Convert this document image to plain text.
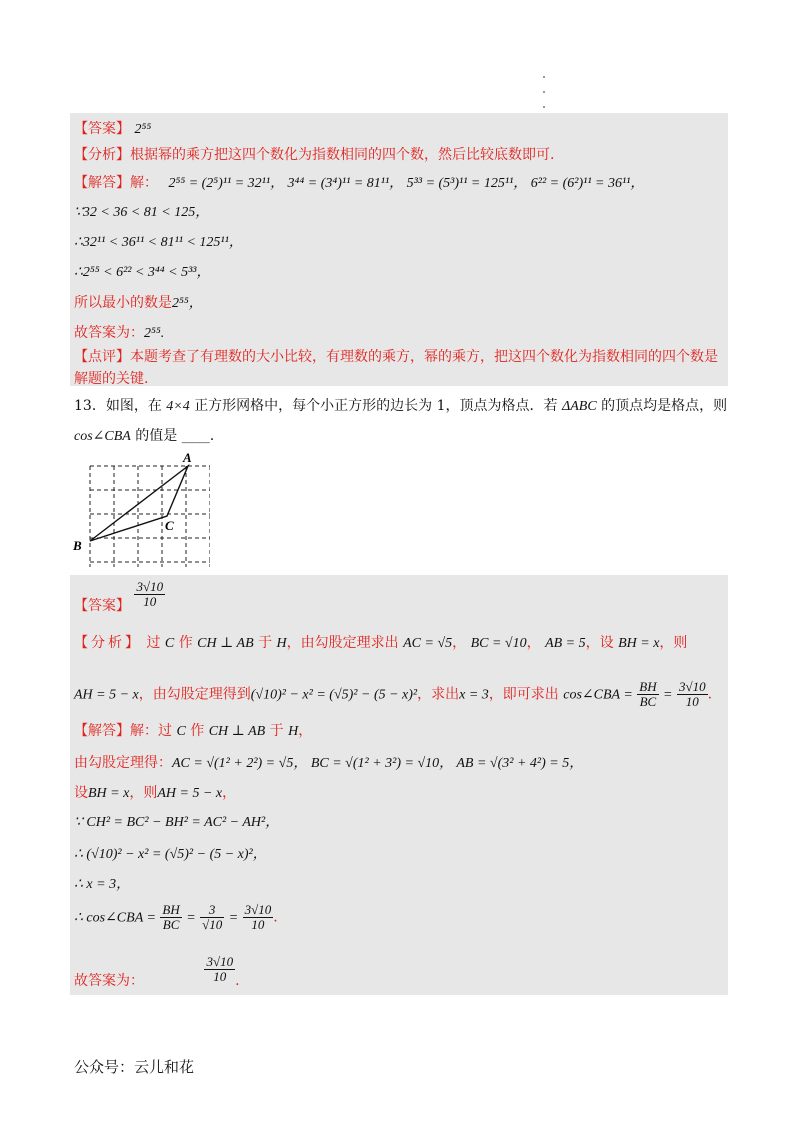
【答案】 2⁵⁵
【分析】根据幂的乘方把这四个数化为指数相同的四个数，然后比较底数即可.
【解答】解： 2⁵⁵ = (2⁵)¹¹ = 32¹¹， 3⁴⁴ = (3⁴)¹¹ = 81¹¹， 5³³ = (5³)¹¹ = 125¹¹， 6²² = (6²)¹¹ = 36¹¹，
∵32 < 36 < 81 < 125，
∴32¹¹ < 36¹¹ < 81¹¹ < 125¹¹，
∴2⁵⁵ < 6²² < 3⁴⁴ < 5³³，
所以最小的数是2⁵⁵，
故答案为：2⁵⁵.
【点评】本题考查了有理数的大小比较，有理数的乘方，幂的乘方，把这四个数化为指数相同的四个数是
解题的关键.
13．如图，在 4×4 正方形网格中，每个小正方形的边长为 1，顶点为格点．若 ΔABC 的顶点均是格点，则
cos∠CBA 的值是 ____.
A
B
C
【答案】 $\frac{3√10}{10}$
【分析】 过 C 作 CH ⊥ AB 于 H，由勾股定理求出 AC = √5， BC = √10， AB = 5，设 BH = x，则
AH = 5 − x，由勾股定理得到(√10)² − x² = (√5)² − (5 − x)²，求出x = 3，即可求出 cos∠CBA = $\frac{BH}{BC} = \frac{3√10}{10}$ .
【解答】解：过 C 作 CH ⊥ AB 于 H，
由勾股定理得：AC = √(1² + 2²) = √5， BC = √(1² + 3²) = √10， AB = √(3² + 4²) = 5，
设BH = x，则AH = 5 − x，
∵ CH² = BC² − BH² = AC² − AH²，
∴ (√10)² − x² = (√5)² − (5 − x)²，
∴ x = 3，
∴ cos∠CBA = $\frac{BH}{BC} = \frac{3}{√10} = \frac{3√10}{10}$ .
故答案为：	$\frac{3√10}{10}$ .
公众号：云儿和花
